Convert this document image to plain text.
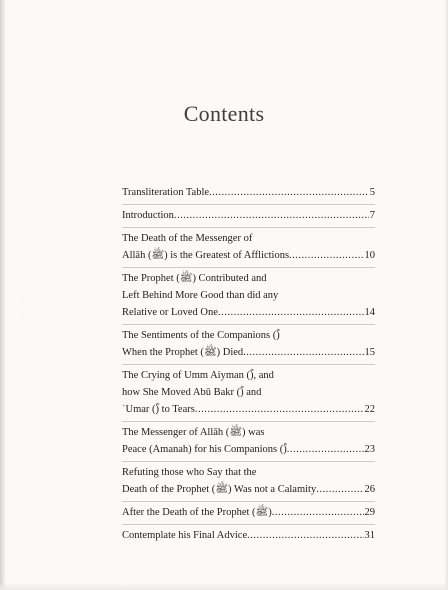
ˌ
ˌ
Contents
Transliteration Table .....	5
Introduction .....	7
The Death of the Messenger of
Allāh (ﷺ) is the Greatest of Afflictions .....	10
The Prophet (ﷺ) Contributed and
Left Behind More Good than did any
Relative or Loved One .....	14
The Sentiments of the Companions (ؓ)
When the Prophet (ﷺ) Died .....	15
The Crying of Umm Aiyman (ؓ), and
how She Moved Abū Bakr (ؓ) and
ʿUmar (ؓ) to Tears .....	22
The Messenger of Allāh (ﷺ) was
Peace (Amanah) for his Companions (ؓ) .....	23
Refuting those who Say that the
Death of the Prophet (ﷺ) Was not a Calamity .....	26
After the Death of the Prophet (ﷺ) .....	29
Contemplate his Final Advice .....	31
